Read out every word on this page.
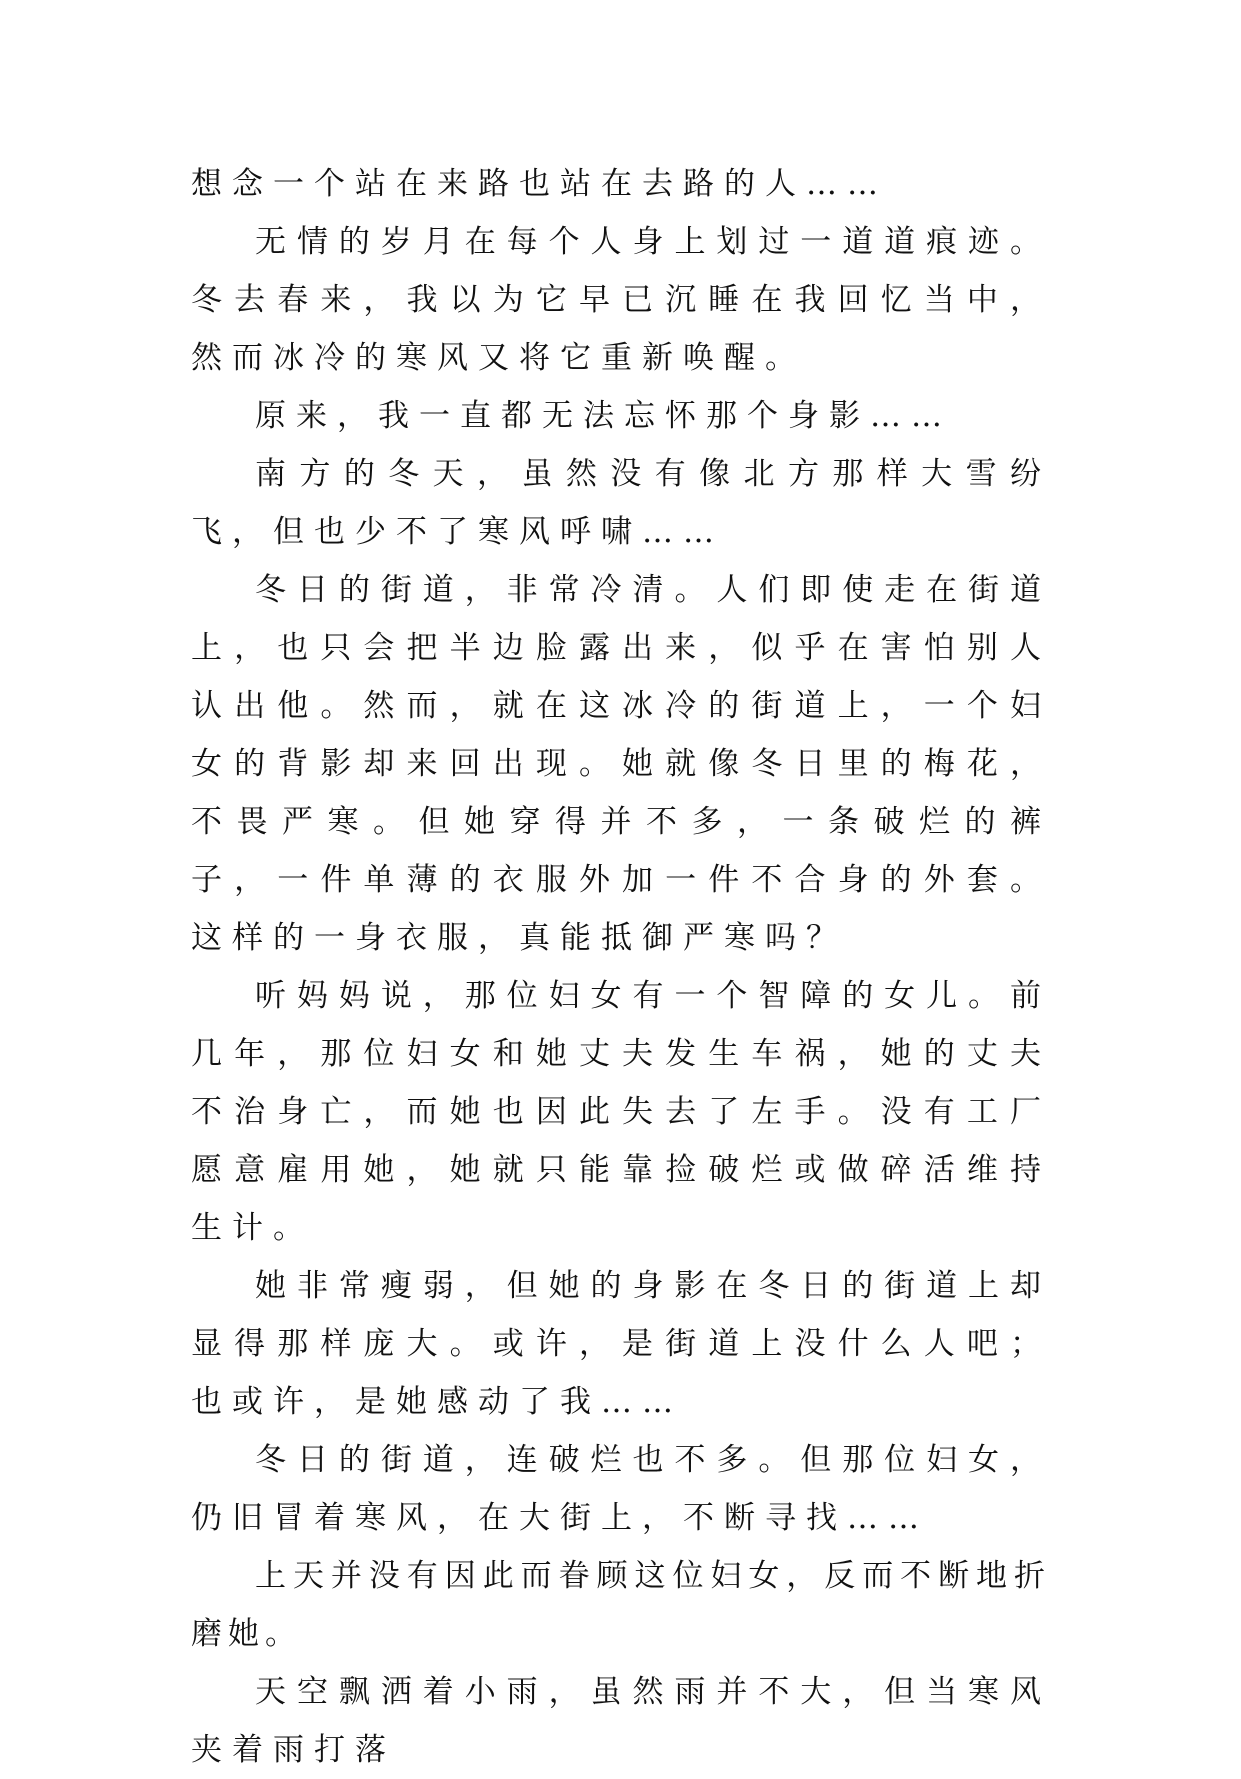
想念一个站在来路也站在去路的人……

无情的岁月在每个人身上划过一道道痕迹。冬去春来，我以为它早已沉睡在我回忆当中，然而冰冷的寒风又将它重新唤醒。

原来，我一直都无法忘怀那个身影……

南方的冬天，虽然没有像北方那样大雪纷飞，但也少不了寒风呼啸……

冬日的街道，非常冷清。人们即使走在街道上，也只会把半边脸露出来，似乎在害怕别人认出他。然而，就在这冰冷的街道上，一个妇女的背影却来回出现。她就像冬日里的梅花，不畏严寒。但她穿得并不多，一条破烂的裤子，一件单薄的衣服外加一件不合身的外套。这样的一身衣服，真能抵御严寒吗？

听妈妈说，那位妇女有一个智障的女儿。前几年，那位妇女和她丈夫发生车祸，她的丈夫不治身亡，而她也因此失去了左手。没有工厂愿意雇用她，她就只能靠捡破烂或做碎活维持生计。

她非常瘦弱，但她的身影在冬日的街道上却显得那样庞大。或许，是街道上没什么人吧；也或许，是她感动了我……

冬日的街道，连破烂也不多。但那位妇女，仍旧冒着寒风，在大街上，不断寻找……

上天并没有因此而眷顾这位妇女，反而不断地折磨她。

天空飘洒着小雨，虽然雨并不大，但当寒风夹着雨打落
